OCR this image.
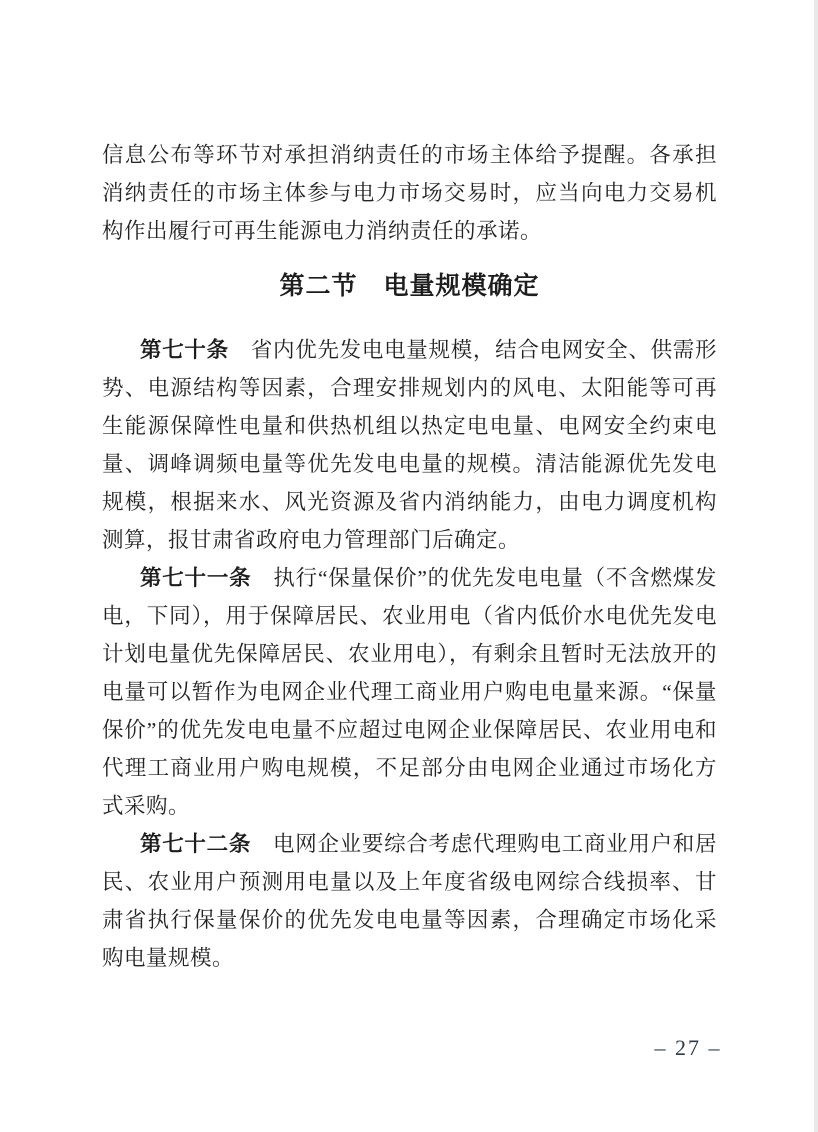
信息公布等环节对承担消纳责任的市场主体给予提醒。各承担消纳责任的市场主体参与电力市场交易时，应当向电力交易机构作出履行可再生能源电力消纳责任的承诺。

第二节　电量规模确定

第七十条 省内优先发电电量规模，结合电网安全、供需形势、电源结构等因素，合理安排规划内的风电、太阳能等可再生能源保障性电量和供热机组以热定电电量、电网安全约束电量、调峰调频电量等优先发电电量的规模。清洁能源优先发电规模，根据来水、风光资源及省内消纳能力，由电力调度机构测算，报甘肃省政府电力管理部门后确定。

第七十一条 执行“保量保价”的优先发电电量（不含燃煤发电，下同），用于保障居民、农业用电（省内低价水电优先发电计划电量优先保障居民、农业用电），有剩余且暂时无法放开的电量可以暂作为电网企业代理工商业用户购电电量来源。“保量保价”的优先发电电量不应超过电网企业保障居民、农业用电和代理工商业用户购电规模，不足部分由电网企业通过市场化方式采购。

第七十二条 电网企业要综合考虑代理购电工商业用户和居民、农业用户预测用电量以及上年度省级电网综合线损率、甘肃省执行保量保价的优先发电电量等因素，合理确定市场化采购电量规模。

– 27 –
